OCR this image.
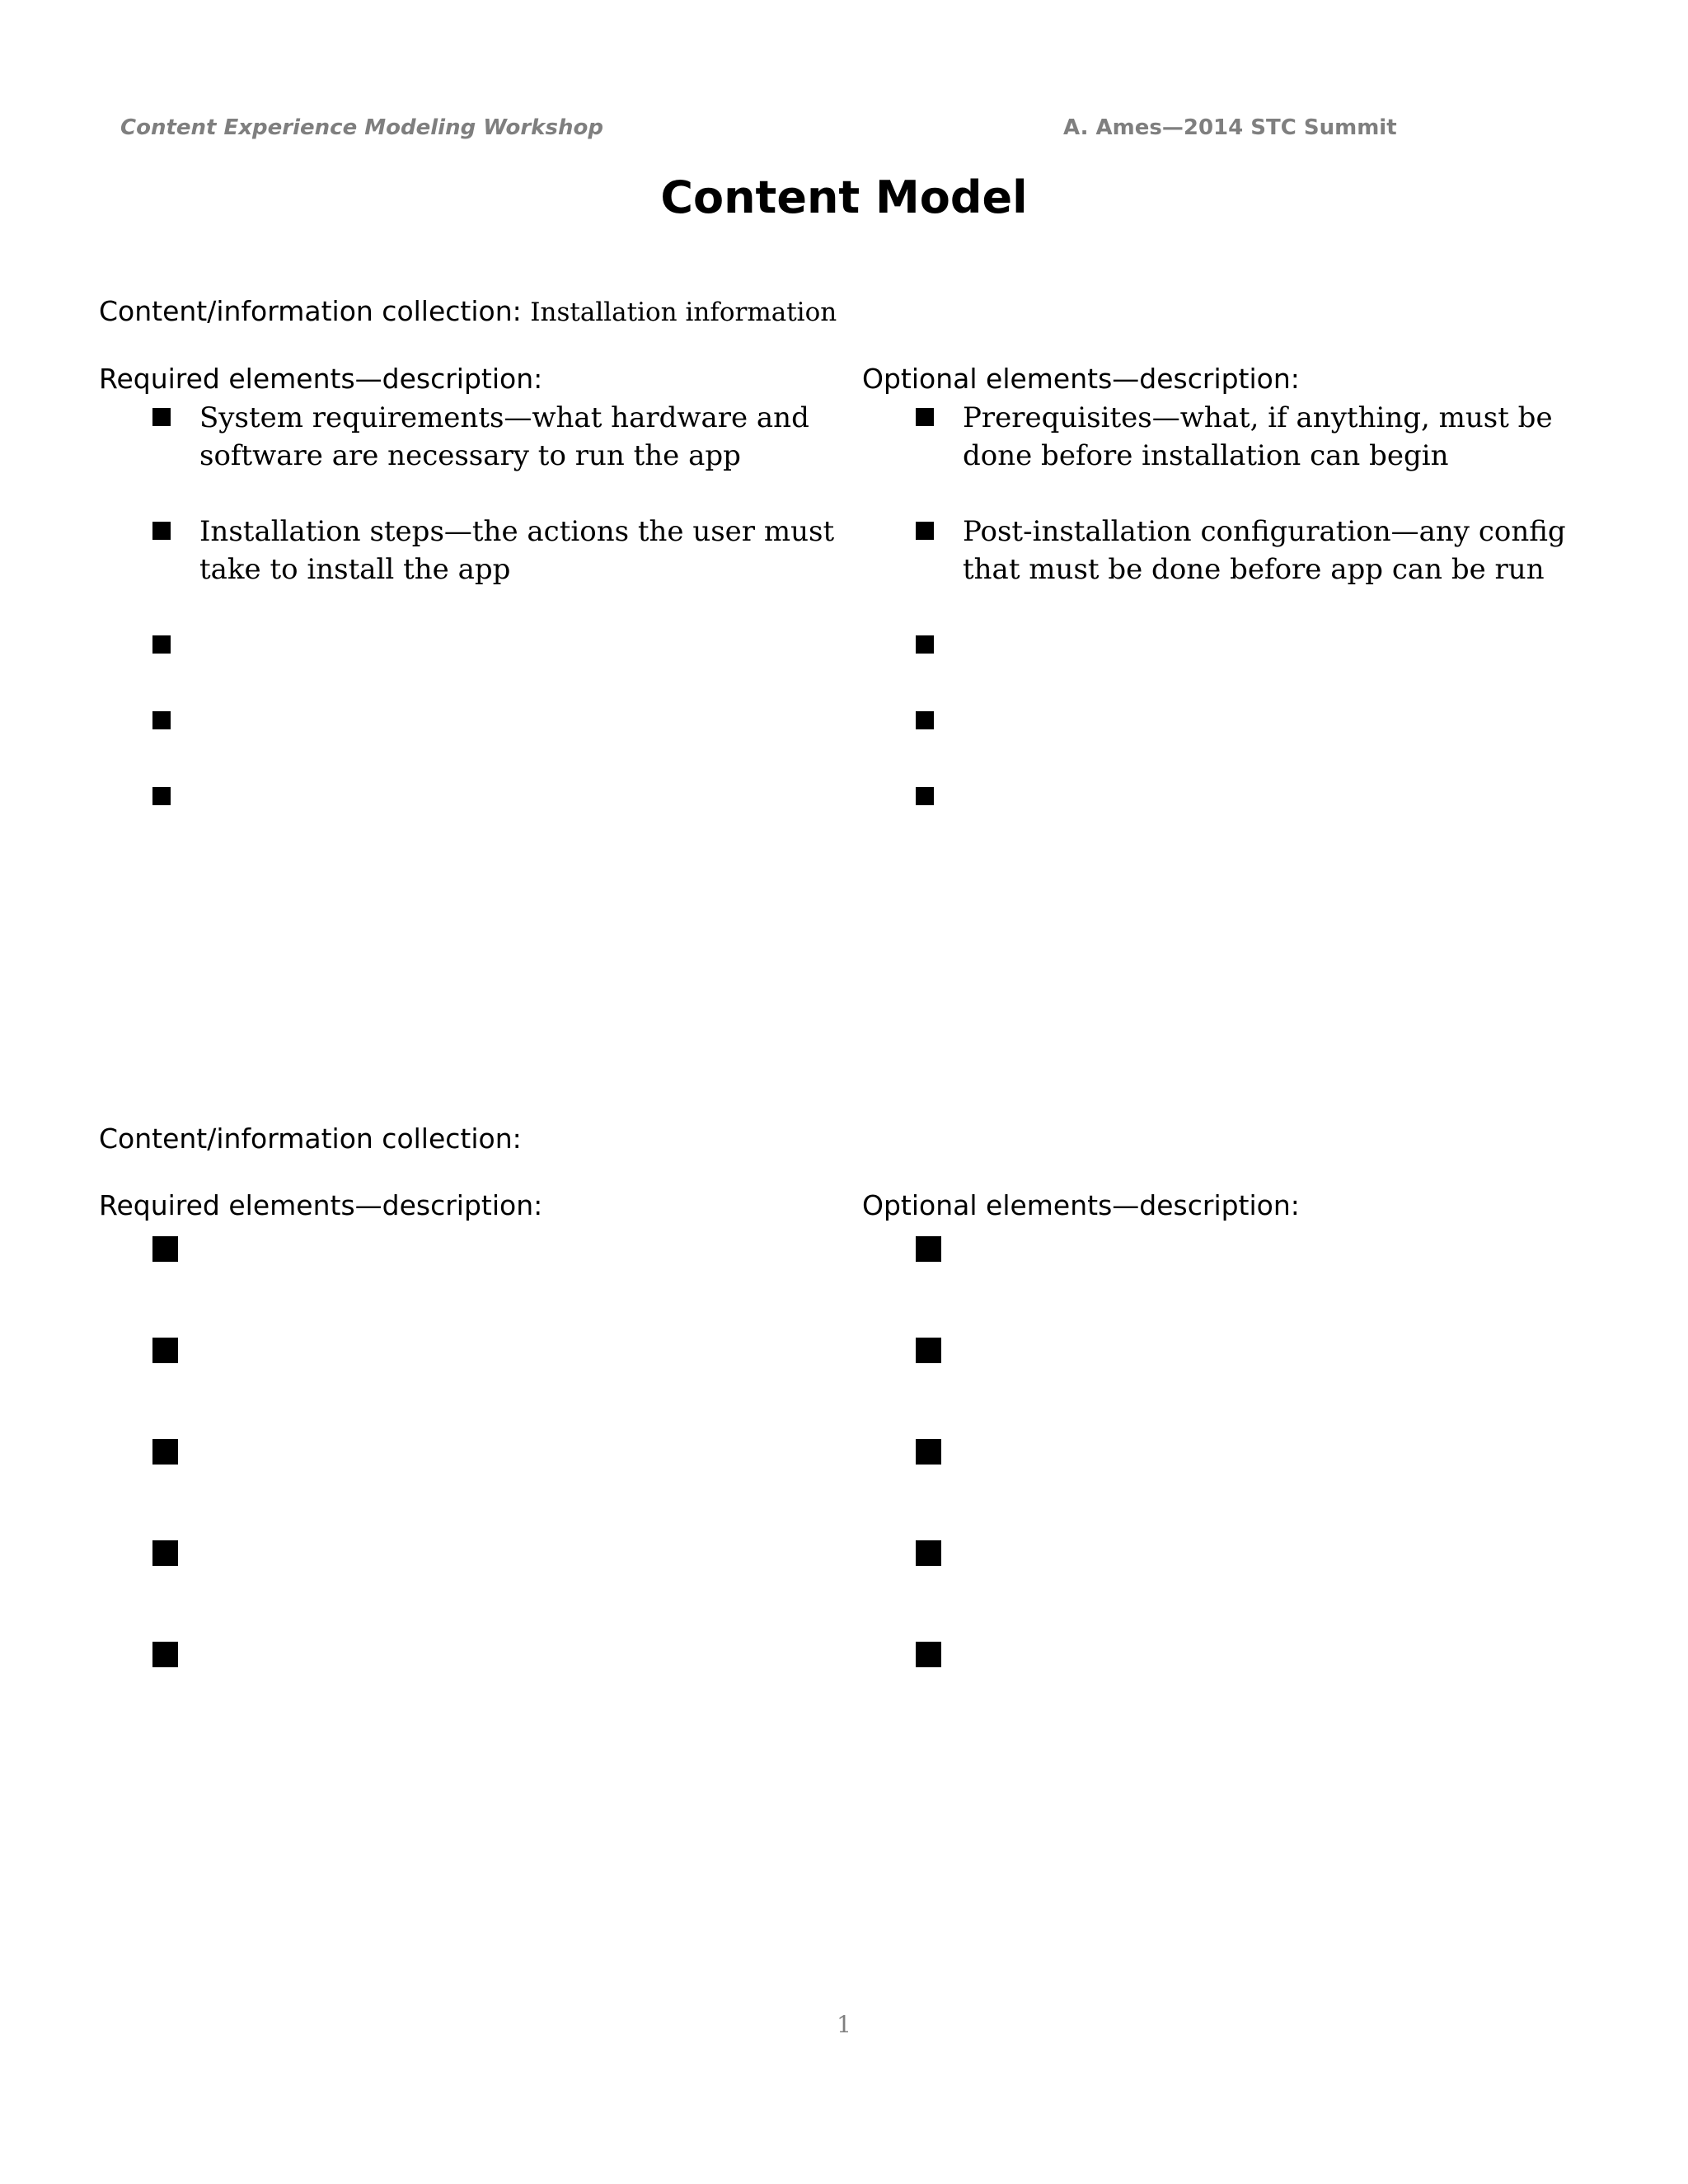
Content Experience Modeling Workshop	A. Ames—2014 STC Summit
Content Model
Content/information collection: Installation information
Required elements—description:	Optional elements—description:
System requirements—what hardware and software are necessary to run the app
Installation steps—the actions the user must take to install the app
Prerequisites—what, if anything, must be done before installation can begin
Post-installation configuration—any config that must be done before app can be run
Content/information collection:
Required elements—description:	Optional elements—description:
1
